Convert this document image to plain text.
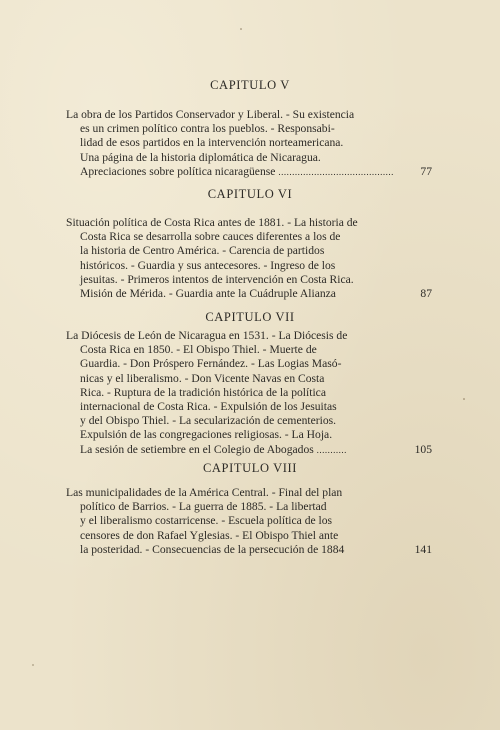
CAPITULO V
La obra de los Partidos Conservador y Liberal. - Su existencia
es un crimen político contra los pueblos. - Responsabi-
lidad de esos partidos en la intervención norteamericana.
Una página de la historia diplomática de Nicaragua.
Apreciaciones sobre política nicaragüense ..........................................	77
CAPITULO VI
Situación política de Costa Rica antes de 1881. - La historia de
Costa Rica se desarrolla sobre cauces diferentes a los de
la historia de Centro América. - Carencia de partidos
históricos. - Guardia y sus antecesores. - Ingreso de los
jesuitas. - Primeros intentos de intervención en Costa Rica.
Misión de Mérida. - Guardia ante la Cuádruple Alianza	87
CAPITULO VII
La Diócesis de León de Nicaragua en 1531. - La Diócesis de
Costa Rica en 1850. - El Obispo Thiel. - Muerte de
Guardia. - Don Próspero Fernández. - Las Logias Masó-
nicas y el liberalismo. - Don Vicente Navas en Costa
Rica. - Ruptura de la tradición histórica de la política
internacional de Costa Rica. - Expulsión de los Jesuitas
y del Obispo Thiel. - La secularización de cementerios.
Expulsión de las congregaciones religiosas. - La Hoja.
La sesión de setiembre en el Colegio de Abogados ...........	105
CAPITULO VIII
Las municipalidades de la América Central. - Final del plan
político de Barrios. - La guerra de 1885. - La libertad
y el liberalismo costarricense. - Escuela política de los
censores de don Rafael Yglesias. - El Obispo Thiel ante
la posteridad. - Consecuencias de la persecución de 1884	141
